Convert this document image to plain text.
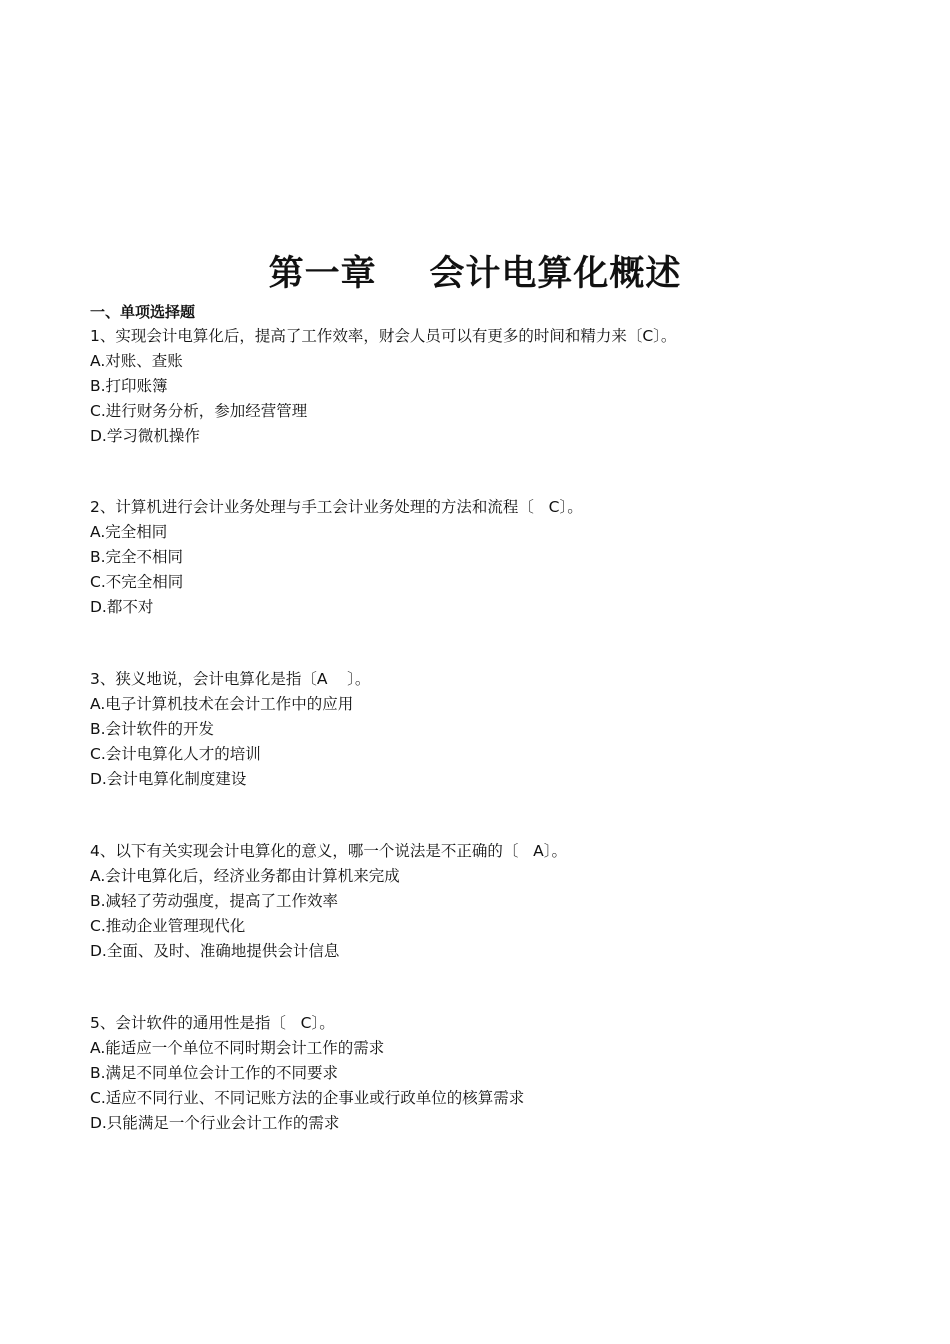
第一章    会计电算化概述
一、单项选择题
1、实现会计电算化后，提高了工作效率，财会人员可以有更多的时间和精力来〔C〕。
A.对账、查账
B.打印账簿
C.进行财务分析，参加经营管理
D.学习微机操作
2、计算机进行会计业务处理与手工会计业务处理的方法和流程〔   C〕。
A.完全相同
B.完全不相同
C.不完全相同
D.都不对
3、狭义地说，会计电算化是指〔A    〕。
A.电子计算机技术在会计工作中的应用
B.会计软件的开发
C.会计电算化人才的培训
D.会计电算化制度建设
4、以下有关实现会计电算化的意义，哪一个说法是不正确的〔   A〕。
A.会计电算化后，经济业务都由计算机来完成
B.减轻了劳动强度，提高了工作效率
C.推动企业管理现代化
D.全面、及时、准确地提供会计信息
5、会计软件的通用性是指〔   C〕。
A.能适应一个单位不同时期会计工作的需求
B.满足不同单位会计工作的不同要求
C.适应不同行业、不同记账方法的企事业或行政单位的核算需求
D.只能满足一个行业会计工作的需求
